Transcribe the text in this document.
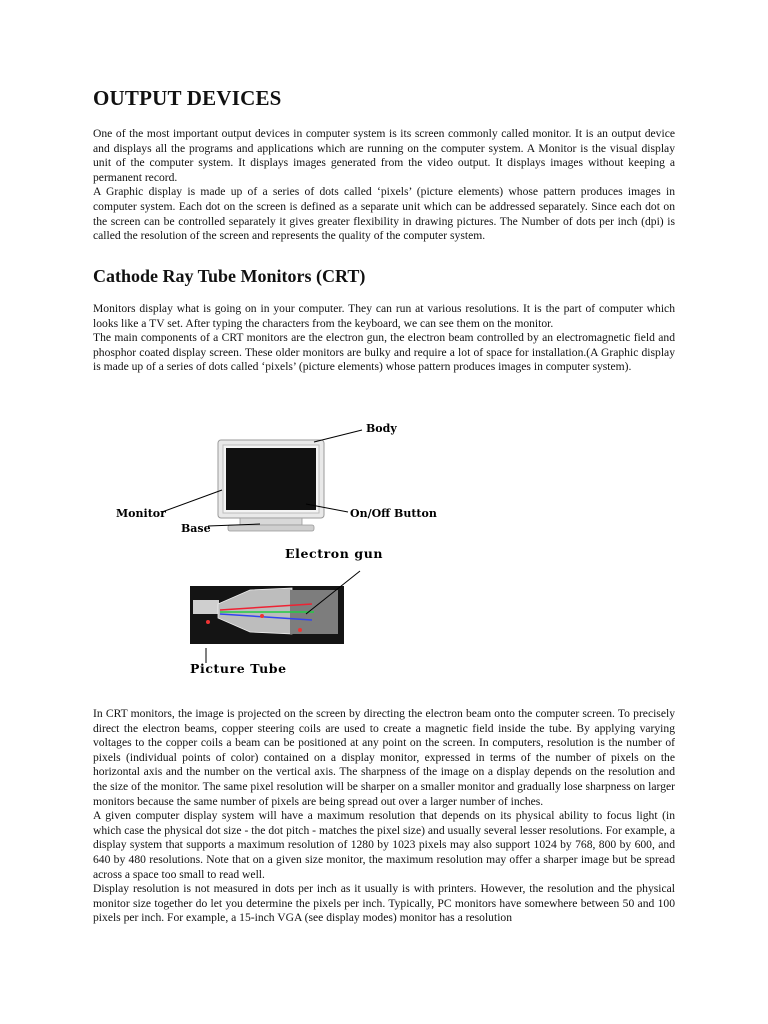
OUTPUT DEVICES

One of the most important output devices in computer system is its screen commonly called monitor. It is an output device and displays all the programs and applications which are running on the computer system. A Monitor is the visual display unit of the computer system. It displays images generated from the video output. It displays images without keeping a permanent record.

A Graphic display is made up of a series of dots called ‘pixels’ (picture elements) whose pattern produces images in computer system. Each dot on the screen is defined as a separate unit which can be addressed separately. Since each dot on the screen can be controlled separately it gives greater flexibility in drawing pictures. The Number of dots per inch (dpi) is called the resolution of the screen and represents the quality of the computer system.

Cathode Ray Tube Monitors (CRT)

Monitors display what is going on in your computer. They can run at various resolutions. It is the part of computer which looks like a TV set. After typing the characters from the keyboard, we can see them on the monitor.

The main components of a CRT monitors are the electron gun, the electron beam controlled by an electromagnetic field and phosphor coated display screen. These older monitors are bulky and require a lot of space for installation.(A Graphic display is made up of a series of dots called ‘pixels’ (picture elements) whose pattern produces images in computer system).

Body
Monitor
Base
On/Off Button
Electron gun
Picture Tube

In CRT monitors, the image is projected on the screen by directing the electron beam onto the computer screen. To precisely direct the electron beams, copper steering coils are used to create a magnetic field inside the tube. By applying varying voltages to the copper coils a beam can be positioned at any point on the screen. In computers, resolution is the number of pixels (individual points of color) contained on a display monitor, expressed in terms of the number of pixels on the horizontal axis and the number on the vertical axis. The sharpness of the image on a display depends on the resolution and the size of the monitor. The same pixel resolution will be sharper on a smaller monitor and gradually lose sharpness on larger monitors because the same number of pixels are being spread out over a larger number of inches.

A given computer display system will have a maximum resolution that depends on its physical ability to focus light (in which case the physical dot size - the dot pitch - matches the pixel size) and usually several lesser resolutions. For example, a display system that supports a maximum resolution of 1280 by 1023 pixels may also support 1024 by 768, 800 by 600, and 640 by 480 resolutions. Note that on a given size monitor, the maximum resolution may offer a sharper image but be spread across a space too small to read well.

Display resolution is not measured in dots per inch as it usually is with printers. However, the resolution and the physical monitor size together do let you determine the pixels per inch. Typically, PC monitors have somewhere between 50 and 100 pixels per inch. For example, a 15-inch VGA (see display modes) monitor has a resolution
